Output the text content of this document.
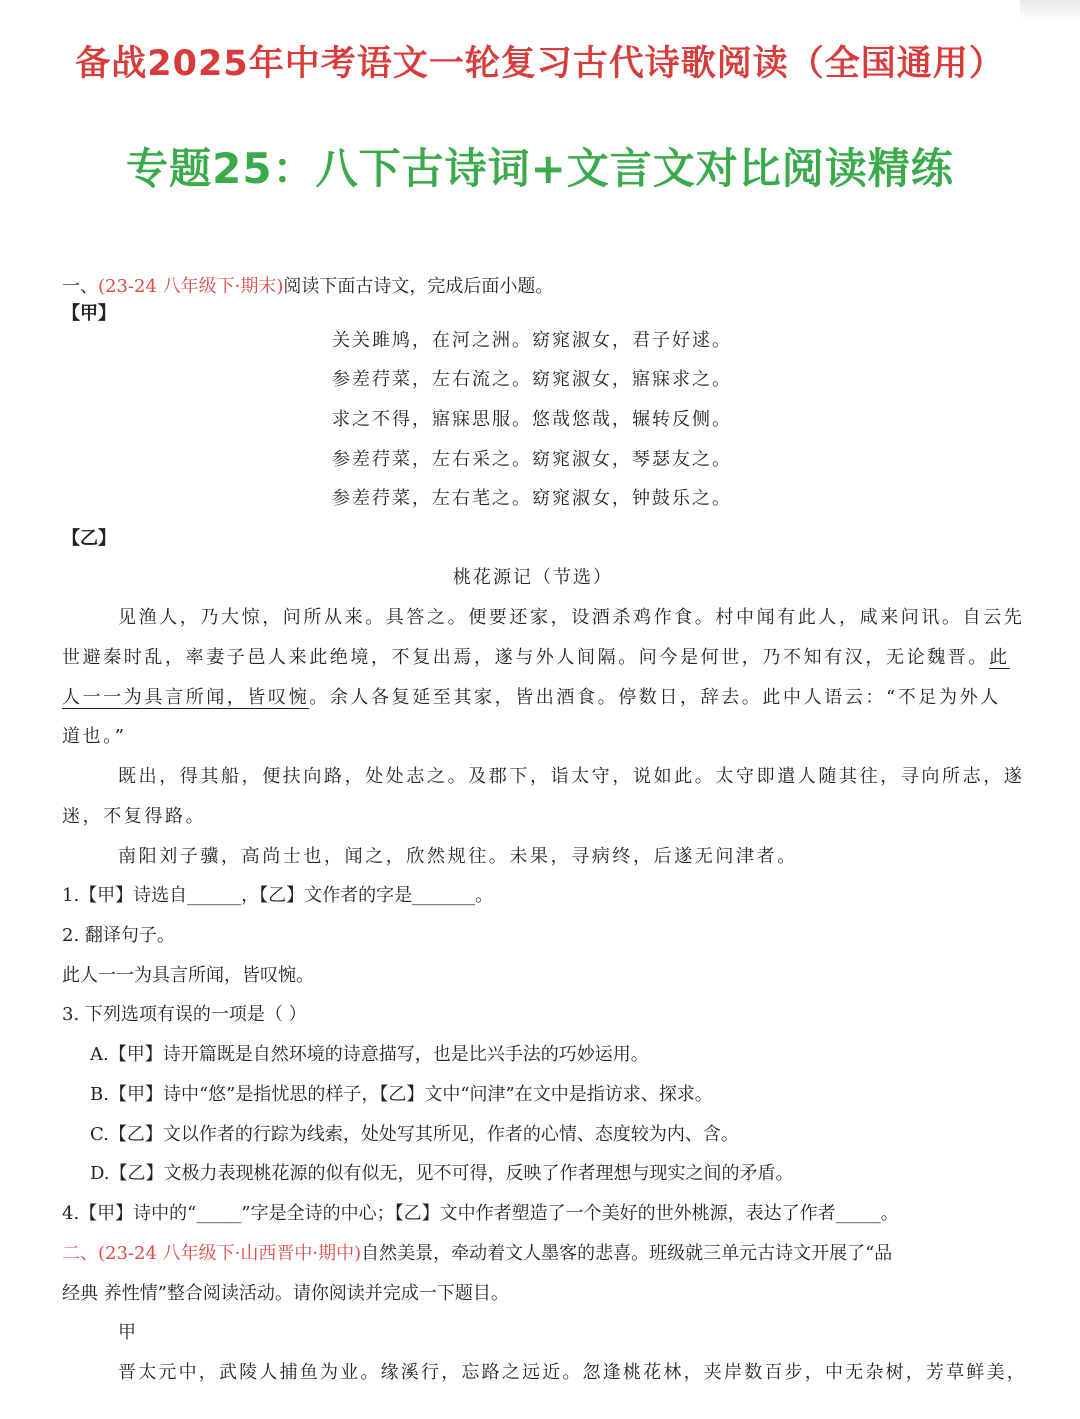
备战2025年中考语文一轮复习古代诗歌阅读（全国通用）
专题25：八下古诗词+文言文对比阅读精练
一、(23-24 八年级下·期末)阅读下面古诗文，完成后面小题。
【甲】
关关雎鸠，在河之洲。窈窕淑女，君子好逑。
参差荇菜，左右流之。窈窕淑女，寤寐求之。
求之不得，寤寐思服。悠哉悠哉，辗转反侧。
参差荇菜，左右采之。窈窕淑女，琴瑟友之。
参差荇菜，左右芼之。窈窕淑女，钟鼓乐之。
【乙】
桃花源记（节选）
见渔人，乃大惊，问所从来。具答之。便要还家，设酒杀鸡作食。村中闻有此人，咸来问讯。自云先
世避秦时乱，率妻子邑人来此绝境，不复出焉，遂与外人间隔。问今是何世，乃不知有汉，无论魏晋。此
人一一为具言所闻，皆叹惋。余人各复延至其家，皆出酒食。停数日，辞去。此中人语云：“不足为外人
道也。”
既出，得其船，便扶向路，处处志之。及郡下，诣太守，说如此。太守即遣人随其往，寻向所志，遂
迷，不复得路。
南阳刘子骥，高尚士也，闻之，欣然规往。未果，寻病终，后遂无问津者。
1.【甲】诗选自______，【乙】文作者的字是_______。
2. 翻译句子。
此人一一为具言所闻，皆叹惋。
3. 下列选项有误的一项是（ ）
A.【甲】诗开篇既是自然环境的诗意描写，也是比兴手法的巧妙运用。
B.【甲】诗中“悠”是指忧思的样子，【乙】文中“问津”在文中是指访求、探求。
C.【乙】文以作者的行踪为线索，处处写其所见，作者的心情、态度较为内、含。
D.【乙】文极力表现桃花源的似有似无，见不可得，反映了作者理想与现实之间的矛盾。
4.【甲】诗中的“_____”字是全诗的中心；【乙】文中作者塑造了一个美好的世外桃源，表达了作者_____。
二、(23-24 八年级下·山西晋中·期中)自然美景，牵动着文人墨客的悲喜。班级就三单元古诗文开展了“品
经典 养性情”整合阅读活动。请你阅读并完成一下题目。
甲
晋太元中，武陵人捕鱼为业。缘溪行，忘路之远近。忽逢桃花林，夹岸数百步，中无杂树，芳草鲜美，
